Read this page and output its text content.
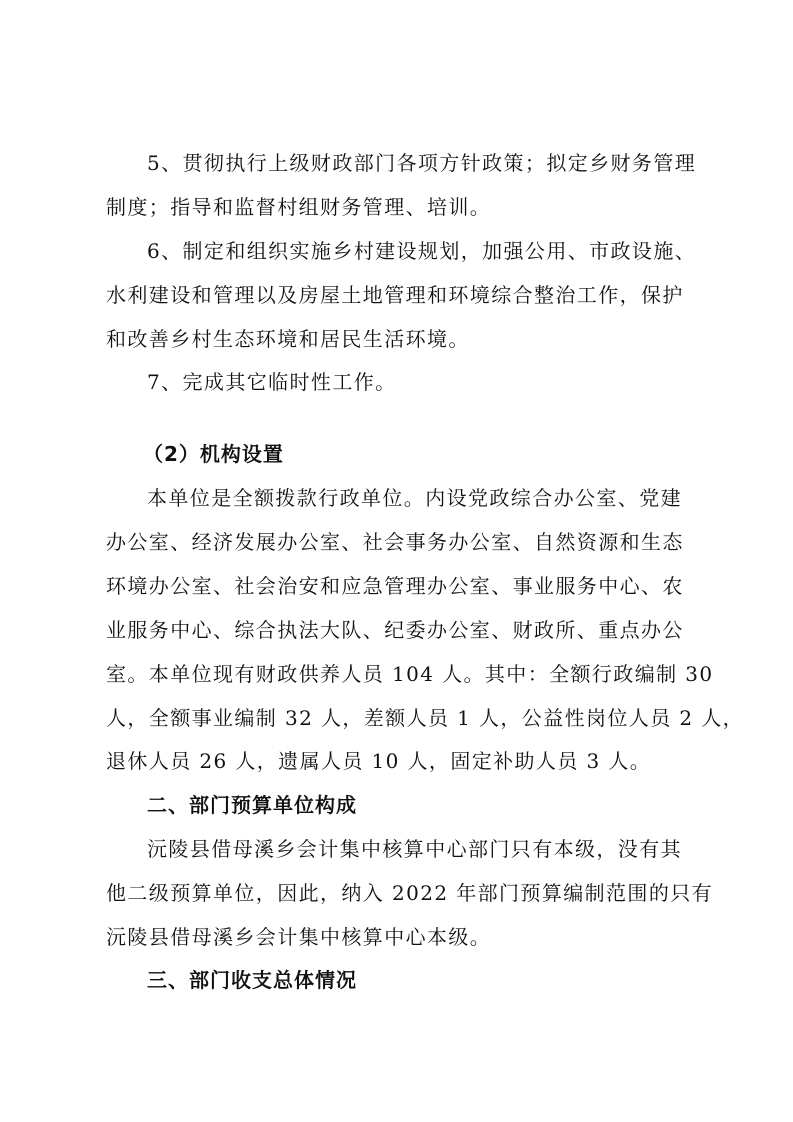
5、贯彻执行上级财政部门各项方针政策；拟定乡财务管理
制度；指导和监督村组财务管理、培训。
6、制定和组织实施乡村建设规划，加强公用、市政设施、
水利建设和管理以及房屋土地管理和环境综合整治工作，保护
和改善乡村生态环境和居民生活环境。
7、完成其它临时性工作。
（2）机构设置
本单位是全额拨款行政单位。内设党政综合办公室、党建
办公室、经济发展办公室、社会事务办公室、自然资源和生态
环境办公室、社会治安和应急管理办公室、事业服务中心、农
业服务中心、综合执法大队、纪委办公室、财政所、重点办公
室。本单位现有财政供养人员 104 人。其中：全额行政编制 30
人，全额事业编制 32 人，差额人员 1 人，公益性岗位人员 2 人，
退休人员 26 人，遗属人员 10 人，固定补助人员 3 人。
二、部门预算单位构成
沅陵县借母溪乡会计集中核算中心部门只有本级，没有其
他二级预算单位，因此，纳入 2022 年部门预算编制范围的只有
沅陵县借母溪乡会计集中核算中心本级。
三、部门收支总体情况
